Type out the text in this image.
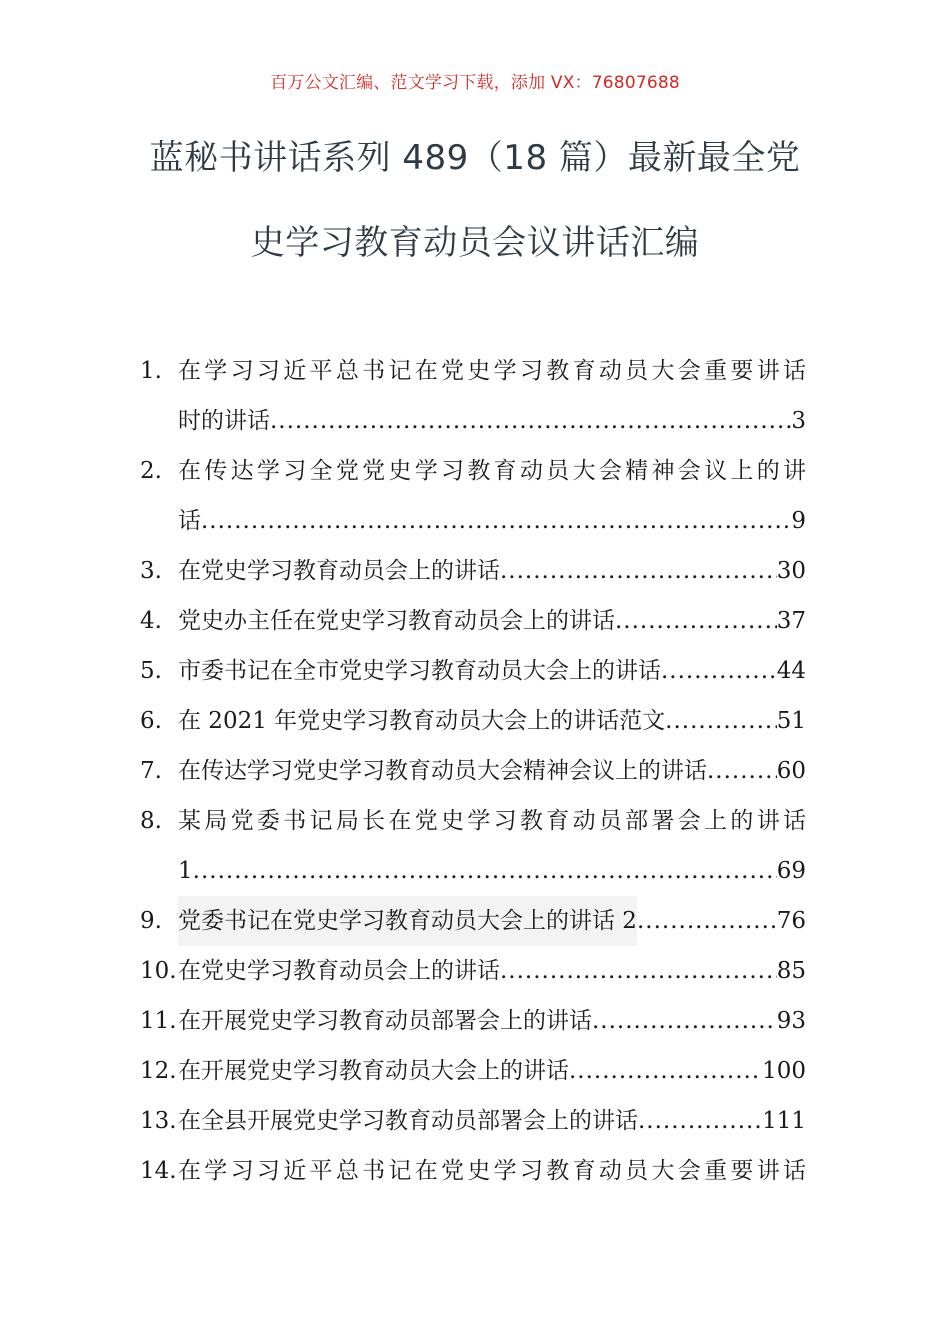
百万公文汇编、范文学习下载，添加 VX：76807688
蓝秘书讲话系列 489（18 篇）最新最全党
史学习教育动员会议讲话汇编
1. 在学习习近平总书记在党史学习教育动员大会重要讲话
时的讲话 .....	3
2. 在传达学习全党党史学习教育动员大会精神会议上的讲
话 .....	9
3. 在党史学习教育动员会上的讲话 .....	30
4. 党史办主任在党史学习教育动员会上的讲话 .....	37
5. 市委书记在全市党史学习教育动员大会上的讲话 .....	44
6. 在 2021 年党史学习教育动员大会上的讲话范文 .....	51
7. 在传达学习党史学习教育动员大会精神会议上的讲话 .....	60
8. 某局党委书记局长在党史学习教育动员部署会上的讲话
1 .....	69
9. 党委书记在党史学习教育动员大会上的讲话 2 .....	76
10. 在党史学习教育动员会上的讲话 .....	85
11. 在开展党史学习教育动员部署会上的讲话 .....	93
12. 在开展党史学习教育动员大会上的讲话 .....	100
13. 在全县开展党史学习教育动员部署会上的讲话 .....	111
14. 在学习习近平总书记在党史学习教育动员大会重要讲话
